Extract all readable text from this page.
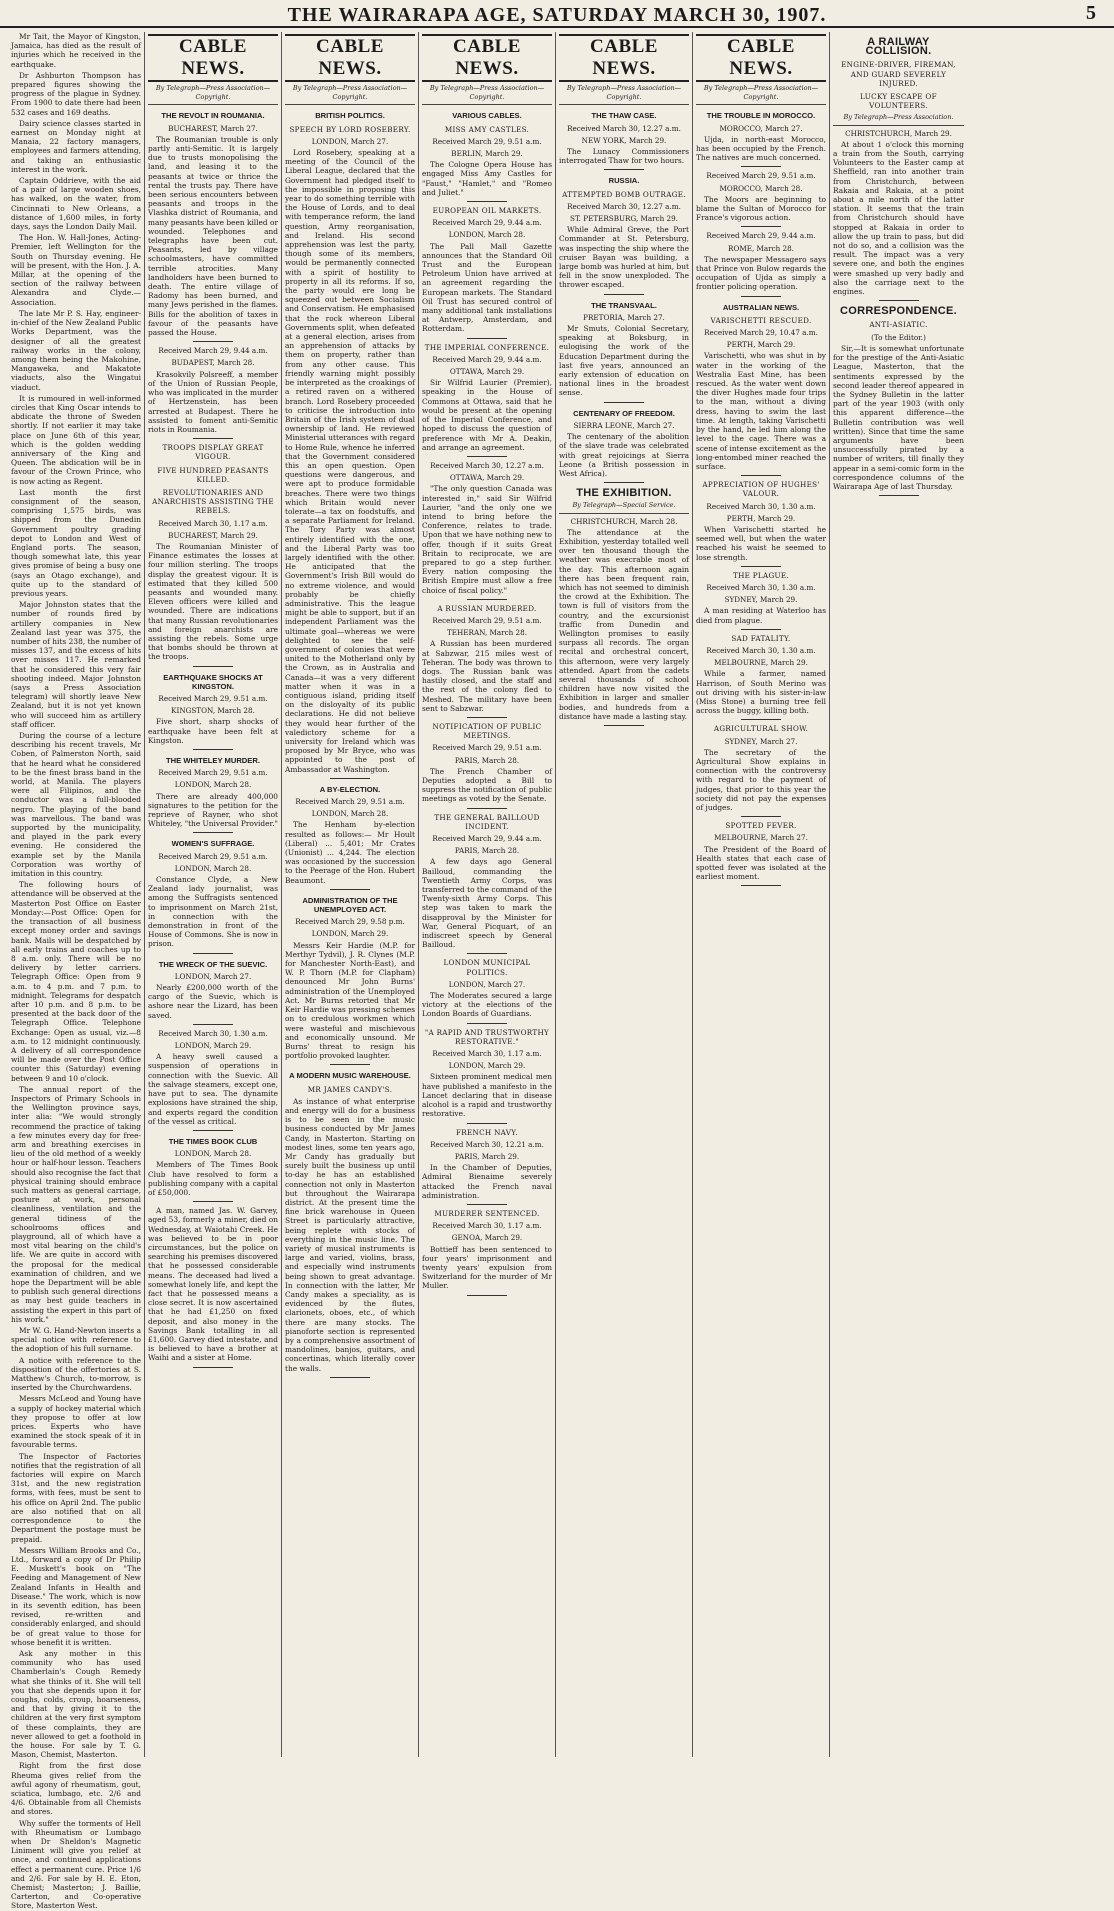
THE WAIRARAPA AGE, SATURDAY MARCH 30, 1907.	5

Mr Tait, the Mayor of Kingston, Jamaica, has died as the result of injuries which he received in the earthquake.

Dr Ashburton Thompson has prepared figures showing the progress of the plague in Sydney. From 1900 to date there had been 532 cases and 169 deaths.

Dairy science classes started in earnest on Monday night at Manaia, 22 factory managers, employees and farmers attending, and taking an enthusiastic interest in the work.

Captain Oddrieve, with the aid of a pair of large wooden shoes, has walked, on the water, from Cincinnati to New Orleans, a distance of 1,600 miles, in forty days, says the London Daily Mail.

The Hon. W. Hall-Jones, Acting-Premier, left Wellington for the South on Thursday evening. He will be present, with the Hon. J. A. Millar, at the opening of the section of the railway between Alexandra and Clyde.—Association.

The late Mr P. S. Hay, engineer-in-chief of the New Zealand Public Works Department, was the designer of all the greatest railway works in the colony, among them being the Makohine, Mangaweka, and Makatote viaducts, also the Wingatui viaduct.

It is rumoured in well-informed circles that King Oscar intends to abdicate the throne of Sweden shortly. If not earlier it may take place on June 6th of this year, which is the golden wedding anniversary of the King and Queen. The abdication will be in favour of the Crown Prince, who is now acting as Regent.

Last month the first consignment of the season, comprising 1,575 birds, was shipped from the Dunedin Government poultry grading depot to London and West of England ports. The season, though somewhat late, this year gives promise of being a busy one (says an Otago exchange), and quite up to the standard of previous years.

Major Johnston states that the number of rounds fired by artillery companies in New Zealand last year was 375, the number of hits 238, the number of misses 137, and the excess of hits over misses 117. He remarked that he considered this very fair shooting indeed. Major Johnston (says a Press Association telegram) will shortly leave New Zealand, but it is not yet known who will succeed him as artillery staff officer.

During the course of a lecture describing his recent travels, Mr Coben, of Palmerston North, said that he heard what he considered to be the finest brass band in the world, at Manila. The players were all Filipinos, and the conductor was a full-blooded negro. The playing of the band was marvellous. The band was supported by the municipality, and played in the park every evening. He considered the example set by the Manila Corporation was worthy of imitation in this country.

The following hours of attendance will be observed at the Masterton Post Office on Easter Monday:—Post Office: Open for the transaction of all business except money order and savings bank. Mails will be despatched by all early trains and coaches up to 8 a.m. only. There will be no delivery by letter carriers. Telegraph Office: Open from 9 a.m. to 4 p.m. and 7 p.m. to midnight. Telegrams for despatch after 10 p.m. and 8 p.m. to be presented at the back door of the Telegraph Office. Telephone Exchange: Open as usual, viz.—8 a.m. to 12 midnight continuously. A delivery of all correspondence will be made over the Post Office counter this (Saturday) evening between 9 and 10 o'clock.

The annual report of the Inspectors of Primary Schools in the Wellington province says, inter alia: "We would strongly recommend the practice of taking a few minutes every day for free-arm and breathing exercises in lieu of the old method of a weekly hour or half-hour lesson. Teachers should also recognise the fact that physical training should embrace such matters as general carriage, posture at work, personal cleanliness, ventilation and the general tidiness of the schoolrooms offices and playground, all of which have a most vital bearing on the child's life. We are quite in accord with the proposal for the medical examination of children, and we hope the Department will be able to publish such general directions as may best guide teachers in assisting the expert in this part of his work."

Mr W. G. Hand-Newton inserts a special notice with reference to the adoption of his full surname.

A notice with reference to the disposition of the offertories at S. Matthew's Church, to-morrow, is inserted by the Churchwardens.

Messrs McLeod and Young have a supply of hockey material which they propose to offer at low prices. Experts who have examined the stock speak of it in favourable terms.

The Inspector of Factories notifies that the registration of all factories will expire on March 31st, and the new registration forms, with fees, must be sent to his office on April 2nd. The public are also notified that on all correspondence to the Department the postage must be prepaid.

Messrs William Brooks and Co., Ltd., forward a copy of Dr Philip E. Muskett's book on "The Feeding and Management of New Zealand Infants in Health and Disease." The work, which is now in its seventh edition, has been revised, re-written and considerably enlarged, and should be of great value to those for whose benefit it is written.

Ask any mother in this community who has used Chamberlain's Cough Remedy what she thinks of it. She will tell you that she depends upon it for coughs, colds, croup, hoarseness, and that by giving it to the children at the very first symptom of these complaints, they are never allowed to get a foothold in the house. For sale by T. G. Mason, Chemist, Masterton.

Right from the first dose Rheuma gives relief from the awful agony of rheumatism, gout, sciatica, lumbago, etc. 2/6 and 4/6. Obtainable from all Chemists and stores.

Why suffer the torments of Hell with Rheumatism or Lumbago when Dr Sheldon's Magnetic Liniment will give you relief at once, and continued applications effect a permanent cure. Price 1/6 and 2/6. For sale by H. E. Eton, Chemist; Masterton; J. Baillie, Carterton, and Co-operative Store, Masterton West.

CABLE NEWS.
By Telegraph—Press Association—Copyright.
THE REVOLT IN ROUMANIA.
BUCHAREST, March 27.

The Roumanian trouble is only partly anti-Semitic. It is largely due to trusts monopolising the land, and leasing it to the peasants at twice or thrice the rental the trusts pay. There have been serious encounters between peasants and troops in the Vlashka district of Roumania, and many peasants have been killed or wounded. Telephones and telegraphs have been cut. Peasants, led by village schoolmasters, have committed terrible atrocities. Many landholders have been burned to death. The entire village of Radomy has been burned, and many Jews perished in the flames. Bills for the abolition of taxes in favour of the peasants have passed the House.

Received March 29, 9.44 a.m.
BUDAPEST, March 28.

Krasokvily Polsreeff, a member of the Union of Russian People, who was implicated in the murder of Hertzenstein, has been arrested at Budapest. There he assisted to foment anti-Semitic riots in Roumania.

TROOPS DISPLAY GREAT VIGOUR.
FIVE HUNDRED PEASANTS KILLED.
REVOLUTIONARIES AND ANARCHISTS ASSISTING THE REBELS.
Received March 30, 1.17 a.m.
BUCHAREST, March 29.

The Roumanian Minister of Finance estimates the losses at four million sterling. The troops display the greatest vigour. It is estimated that they killed 500 peasants and wounded many. Eleven officers were killed and wounded. There are indications that many Russian revolutionaries and foreign anarchists are assisting the rebels. Some urge that bombs should be thrown at the troops.

EARTHQUAKE SHOCKS AT KINGSTON.
Received March 29, 9.51 a.m.
KINGSTON, March 28.

Five short, sharp shocks of earthquake have been felt at Kingston.

THE WHITELEY MURDER.
Received March 29, 9.51 a.m.
LONDON, March 28.

There are already 400,000 signatures to the petition for the reprieve of Rayner, who shot Whiteley, "the Universal Provider."

WOMEN'S SUFFRAGE.
Received March 29, 9.51 a.m.
LONDON, March 28.

Constance Clyde, a New Zealand lady journalist, was among the Suffragists sentenced to imprisonment on March 21st, in connection with the demonstration in front of the House of Commons. She is now in prison.

THE WRECK OF THE SUEVIC.
LONDON, March 27.

Nearly £200,000 worth of the cargo of the Suevic, which is ashore near the Lizard, has been saved.

Received March 30, 1.30 a.m.
LONDON, March 29.

A heavy swell caused a suspension of operations in connection with the Suevic. All the salvage steamers, except one, have put to sea. The dynamite explosions have strained the ship, and experts regard the condition of the vessel as critical.

THE TIMES BOOK CLUB
LONDON, March 28.

Members of The Times Book Club have resolved to form a publishing company with a capital of £50,000.

A man, named Jas. W. Garvey, aged 53, formerly a miner, died on Wednesday, at Waiotahi Creek. He was believed to be in poor circumstances, but the police on searching his premises discovered that he possessed considerable means. The deceased had lived a somewhat lonely life, and kept the fact that he possessed means a close secret. It is now ascertained that he had £1,250 on fixed deposit, and also money in the Savings Bank totalling in all £1,600. Garvey died intestate, and is believed to have a brother at Waihi and a sister at Home.

CABLE NEWS.
By Telegraph—Press Association—Copyright.
BRITISH POLITICS.
SPEECH BY LORD ROSEBERY.
LONDON, March 27.

Lord Rosebery, speaking at a meeting of the Council of the Liberal League, declared that the Government had pledged itself to the impossible in proposing this year to do something terrible with the House of Lords, and to deal with temperance reform, the land question, Army reorganisation, and Ireland. His second apprehension was lest the party, though some of its members, would be permanently connected with a spirit of hostility to property in all its reforms. If so, the party would ere long be squeezed out between Socialism and Conservatism. He emphasised that the rock whereon Liberal Governments split, when defeated at a general election, arises from an apprehension of attacks by them on property, rather than from any other cause. This friendly warning might possibly be interpreted as the croakings of a retired raven on a withered branch. Lord Rosebery proceeded to criticise the introduction into Britain of the Irish system of dual ownership of land. He reviewed Ministerial utterances with regard to Home Rule, whence he inferred that the Government considered this an open question. Open questions were dangerous, and were apt to produce formidable breaches. There were two things which Britain would never tolerate—a tax on foodstuffs, and a separate Parliament for Ireland. The Tory Party was almost entirely identified with the one, and the Liberal Party was too largely identified with the other. He anticipated that the Government's Irish Bill would do no extreme violence, and would probably be chiefly administrative. This the league might be able to support, but if an independent Parliament was the ultimate goal—whereas we were delighted to see the self-government of colonies that were united to the Motherland only by the Crown, as in Australia and Canada—it was a very different matter when it was in a contiguous island, priding itself on the disloyalty of its public declarations. He did not believe they would hear further of the valedictory scheme for a university for Ireland which was proposed by Mr Bryce, who was appointed to the post of Ambassador at Washington.

A BY-ELECTION.
Received March 29, 9.51 a.m.
LONDON, March 28.

The Henham by-election resulted as follows:— Mr Hoult (Liberal) ... 5,401; Mr Crates (Unionist) ... 4,244. The election was occasioned by the succession to the Peerage of the Hon. Hubert Beaumont.

ADMINISTRATION OF THE UNEMPLOYED ACT.
Received March 29, 9.58 p.m.
LONDON, March 29.

Messrs Keir Hardie (M.P. for Merthyr Tydvil), J. R. Clynes (M.P. for Manchester North-East), and W. P. Thorn (M.P. for Clapham) denounced Mr John Burns' administration of the Unemployed Act. Mr Burns retorted that Mr Keir Hardie was pressing schemes on to credulous workmen which were wasteful and mischievous and economically unsound. Mr Burns' threat to resign his portfolio provoked laughter.

A MODERN MUSIC WAREHOUSE.
MR JAMES CANDY'S.

As instance of what enterprise and energy will do for a business is to be seen in the music business conducted by Mr James Candy, in Masterton. Starting on modest lines, some ten years ago, Mr Candy has gradually but surely built the business up until to-day he has an established connection not only in Masterton but throughout the Wairarapa district. At the present time the fine brick warehouse in Queen Street is particularly attractive, being replete with stocks of everything in the music line. The variety of musical instruments is large and varied, violins, brass, and especially wind instruments being shown to great advantage. In connection with the latter, Mr Candy makes a speciality, as is evidenced by the flutes, clarionets, oboes, etc., of which there are many stocks. The pianoforte section is represented by a comprehensive assortment of mandolines, banjos, guitars, and concertinas, which literally cover the walls.

CABLE NEWS.
By Telegraph—Press Association—Copyright.
VARIOUS CABLES.
MISS AMY CASTLES.
Received March 29, 9.51 a.m.
BERLIN, March 29.

The Cologne Opera House has engaged Miss Amy Castles for "Faust," "Hamlet," and "Romeo and Juliet."

EUROPEAN OIL MARKETS.
Received March 29, 9.44 a.m.
LONDON, March 28.

The Pall Mall Gazette announces that the Standard Oil Trust and the European Petroleum Union have arrived at an agreement regarding the European markets. The Standard Oil Trust has secured control of many additional tank installations at Antwerp, Amsterdam, and Rotterdam.

THE IMPERIAL CONFERENCE.
Received March 29, 9.44 a.m.
OTTAWA, March 29.

Sir Wilfrid Laurier (Premier), speaking in the House of Commons at Ottawa, said that he would be present at the opening of the Imperial Conference, and hoped to discuss the question of preference with Mr A. Deakin, and arrange an agreement.

Received March 30, 12.27 a.m.
OTTAWA, March 29.

"The only question Canada was interested in," said Sir Wilfrid Laurier, "and the only one we intend to bring before the Conference, relates to trade. Upon that we have nothing new to offer, though if it suits Great Britain to reciprocate, we are prepared to go a step further. Every nation composing the British Empire must allow a free choice of fiscal policy."

A RUSSIAN MURDERED.
Received March 29, 9.51 a.m.
TEHERAN, March 28.

A Russian has been murdered at Sabzwar, 215 miles west of Teheran. The body was thrown to dogs. The Russian bank was hastily closed, and the staff and the rest of the colony fled to Meshed. The military have been sent to Sabzwar.

NOTIFICATION OF PUBLIC MEETINGS.
Received March 29, 9.51 a.m.
PARIS, March 28.

The French Chamber of Deputies adopted a Bill to suppress the notification of public meetings as voted by the Senate.

THE GENERAL BAILLOUD INCIDENT.
Received March 29, 9.44 a.m.
PARIS, March 28.

A few days ago General Bailloud, commanding the Twentieth Army Corps, was transferred to the command of the Twenty-sixth Army Corps. This step was taken to mark the disapproval by the Minister for War, General Picquart, of an indiscreet speech by General Bailloud.

LONDON MUNICIPAL POLITICS.
LONDON, March 27.

The Moderates secured a large victory at the elections of the London Boards of Guardians.

"A RAPID AND TRUSTWORTHY RESTORATIVE."
Received March 30, 1.17 a.m.
LONDON, March 29.

Sixteen prominent medical men have published a manifesto in the Lancet declaring that in disease alcohol is a rapid and trustworthy restorative.

FRENCH NAVY.
Received March 30, 12.21 a.m.
PARIS, March 29.

In the Chamber of Deputies, Admiral Bienaime severely attacked the French naval administration.

MURDERER SENTENCED.
Received March 30, 1.17 a.m.
GENOA, March 29.

Bottieff has been sentenced to four years' imprisonment and twenty years' expulsion from Switzerland for the murder of Mr Muller.

CABLE NEWS.
By Telegraph—Press Association—Copyright.
THE THAW CASE.
Received March 30, 12.27 a.m.
NEW YORK, March 29.

The Lunacy Commissioners interrogated Thaw for two hours.

RUSSIA.
ATTEMPTED BOMB OUTRAGE.
Received March 30, 12.27 a.m.
ST. PETERSBURG, March 29.

While Admiral Greve, the Port Commander at St. Petersburg, was inspecting the ship where the cruiser Bayan was building, a large bomb was hurled at him, but fell in the snow unexploded. The thrower escaped.

THE TRANSVAAL.
PRETORIA, March 27.

Mr Smuts, Colonial Secretary, speaking at Boksburg, in eulogising the work of the Education Department during the last five years, announced an early extension of education on national lines in the broadest sense.

CENTENARY OF FREEDOM.
SIERRA LEONE, March 27.

The centenary of the abolition of the slave trade was celebrated with great rejoicings at Sierra Leone (a British possession in West Africa).

THE EXHIBITION.
By Telegraph—Special Service.
CHRISTCHURCH, March 28.

The attendance at the Exhibition, yesterday totalled well over ten thousand though the weather was execrable most of the day. This afternoon again there has been frequent rain, which has not seemed to diminish the crowd at the Exhibition. The town is full of visitors from the country, and the excursionist traffic from Dunedin and Wellington promises to easily surpass all records. The organ recital and orchestral concert, this afternoon, were very largely attended. Apart from the cadets several thousands of school children have now visited the Exhibition in larger and smaller bodies, and hundreds from a distance have made a lasting stay.

CABLE NEWS.
By Telegraph—Press Association—Copyright.
THE TROUBLE IN MOROCCO.
MOROCCO, March 27.

Ujda, in north-east Morocco, has been occupied by the French. The natives are much concerned.

Received March 29, 9.51 a.m.
MOROCCO, March 28.

The Moors are beginning to blame the Sultan of Morocco for France's vigorous action.

Received March 29, 9.44 a.m.
ROME, March 28.

The newspaper Messagero says that Prince von Bulow regards the occupation of Ujda as simply a frontier policing operation.

AUSTRALIAN NEWS.
VARISCHETTI RESCUED.
Received March 29, 10.47 a.m.
PERTH, March 29.

Varischetti, who was shut in by water in the working of the Westralia East Mine, has been rescued. As the water went down the diver Hughes made four trips to the man, without a diving dress, having to swim the last time. At length, taking Varischetti by the hand, he led him along the level to the cage. There was a scene of intense excitement as the long-entombed miner reached the surface.

APPRECIATION OF HUGHES' VALOUR.
Received March 30, 1.30 a.m.
PERTH, March 29.

When Varischetti started he seemed well, but when the water reached his waist he seemed to lose strength.

THE PLAGUE.
Received March 30, 1.30 a.m.
SYDNEY, March 29.

A man residing at Waterloo has died from plague.

SAD FATALITY.
Received March 30, 1.30 a.m.
MELBOURNE, March 29.

While a farmer, named Harrison, of South Merino was out driving with his sister-in-law (Miss Stone) a burning tree fell across the buggy, killing both.

AGRICULTURAL SHOW.
SYDNEY, March 27.

The secretary of the Agricultural Show explains in connection with the controversy with regard to the payment of judges, that prior to this year the society did not pay the expenses of judges.

SPOTTED FEVER.
MELBOURNE, March 27.

The President of the Board of Health states that each case of spotted fever was isolated at the earliest moment.

A RAILWAY COLLISION.
ENGINE-DRIVER, FIREMAN, AND GUARD SEVERELY INJURED.
LUCKY ESCAPE OF VOLUNTEERS.
By Telegraph—Press Association.
CHRISTCHURCH, March 29.

At about 1 o'clock this morning a train from the South, carrying Volunteers to the Easter camp at Sheffield, ran into another train from Christchurch, between Rakaia and Rakaia, at a point about a mile north of the latter station. It seems that the train from Christchurch should have stopped at Rakaia in order to allow the up train to pass, but did not do so, and a collision was the result. The impact was a very severe one, and both the engines were smashed up very badly and also the carriage next to the engines.

CORRESPONDENCE.
ANTI-ASIATIC.
(To the Editor.)

Sir,—It is somewhat unfortunate for the prestige of the Anti-Asiatic League, Masterton, that the sentiments expressed by the second leader thereof appeared in the Sydney Bulletin in the latter part of the year 1903 (with only this apparent difference—the Bulletin contribution was well written). Since that time the same arguments have been unsuccessfully pirated by a number of writers, till finally they appear in a semi-comic form in the correspondence columns of the Wairarapa Age of last Thursday.
